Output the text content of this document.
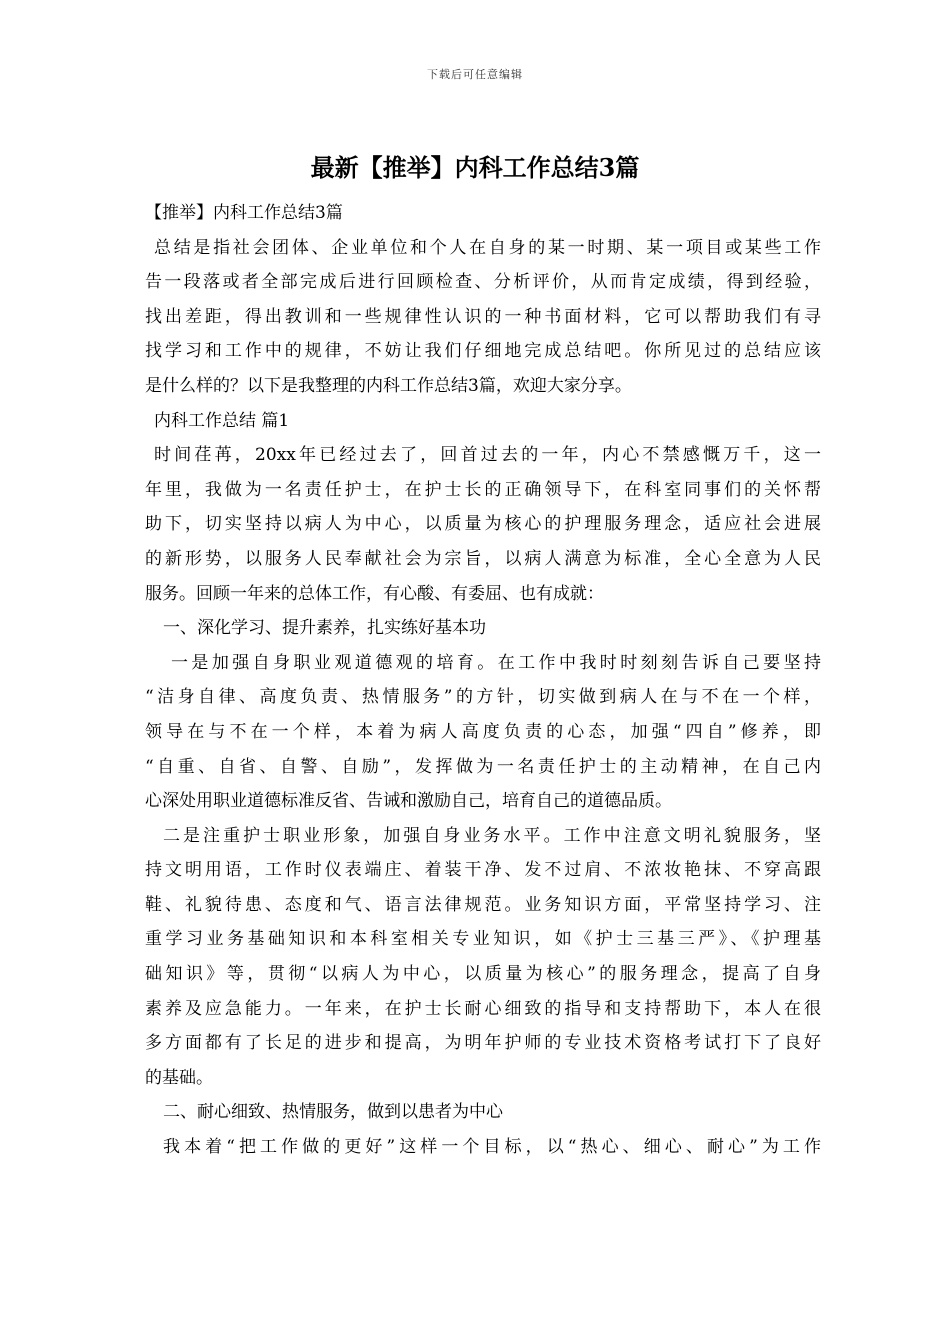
下载后可任意编辑
最新【推举】内科工作总结3篇
【推举】内科工作总结3篇
总结是指社会团体、企业单位和个人在自身的某一时期、某一项目或某些工作
告一段落或者全部完成后进行回顾检查、分析评价，从而肯定成绩，得到经验，
找出差距，得出教训和一些规律性认识的一种书面材料，它可以帮助我们有寻
找学习和工作中的规律，不妨让我们仔细地完成总结吧。你所见过的总结应该
是什么样的？以下是我整理的内科工作总结3篇，欢迎大家分享。
内科工作总结 篇1
时间荏苒，20xx年已经过去了，回首过去的一年，内心不禁感慨万千，这一
年里，我做为一名责任护士，在护士长的正确领导下，在科室同事们的关怀帮
助下，切实坚持以病人为中心，以质量为核心的护理服务理念，适应社会进展
的新形势，以服务人民奉献社会为宗旨，以病人满意为标准，全心全意为人民
服务。回顾一年来的总体工作，有心酸、有委屈、也有成就：
一、深化学习、提升素养，扎实练好基本功
一是加强自身职业观道德观的培育。在工作中我时时刻刻告诉自己要坚持
“洁身自律、高度负责、热情服务”的方针，切实做到病人在与不在一个样，
领导在与不在一个样，本着为病人高度负责的心态，加强“四自”修养，即
“自重、自省、自警、自励”，发挥做为一名责任护士的主动精神，在自己内
心深处用职业道德标准反省、告诫和激励自己，培育自己的道德品质。
二是注重护士职业形象，加强自身业务水平。工作中注意文明礼貌服务，坚
持文明用语，工作时仪表端庄、着装干净、发不过肩、不浓妆艳抹、不穿高跟
鞋、礼貌待患、态度和气、语言法律规范。业务知识方面，平常坚持学习、注
重学习业务基础知识和本科室相关专业知识，如《护士三基三严》、《护理基
础知识》等，贯彻“以病人为中心，以质量为核心”的服务理念，提高了自身
素养及应急能力。一年来，在护士长耐心细致的指导和支持帮助下，本人在很
多方面都有了长足的进步和提高，为明年护师的专业技术资格考试打下了良好
的基础。
二、耐心细致、热情服务，做到以患者为中心
我本着“把工作做的更好”这样一个目标，以“热心、细心、耐心”为工作
